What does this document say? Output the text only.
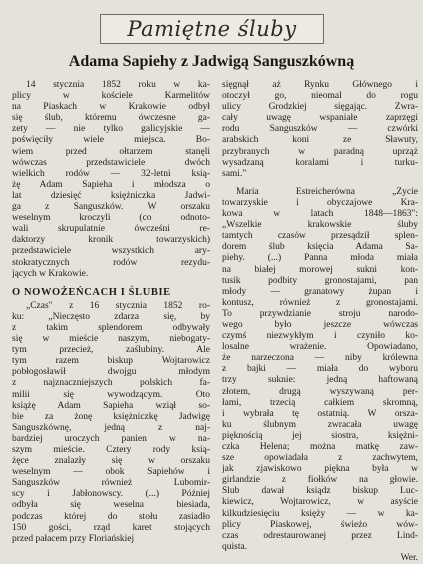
Pamiętne śluby
Adama Sapiehy z Jadwigą Sanguszkówną
14 stycznia 1852 roku w ka-
plicy w kościele Karmelitów
na Piaskach w Krakowie odbył
się ślub, któremu ówczesne ga-
zety — nie tylko galicyjskie —
poświęciły wiele miejsca. Bo-
wiem przed ołtarzem stanęli
wówczas przedstawiciele dwóch
wielkich rodów — 32-letni ksią-
żę Adam Sapieha i młodsza o
lat dziesięć księżniczka Jadwi-
ga z Sanguszków. W orszaku
weselnym kroczyli (co odnoto-
wali skrupulatnie ówcześni re-
daktorzy kronik towarzyskich)
przedstawiciele wszystkich ary-
stokratycznych rodów rezydu-
jących w Krakowie.

O NOWOŻEŃCACH I ŚLUBIE

„Czas" z 16 stycznia 1852 ro-
ku: „Nieczęsto zdarza się, by
z takim splendorem odbywały
się w mieście naszym, niebogaty-
tym przecież, zaślubiny. Ale
tym razem biskup Wojtarowicz
pobłogosławił dwojgu młodym
z najznaczniejszych polskich fa-
milii się wywodzącym. Oto
książę Adam Sapieha wziął so-
bie za żonę księżniczkę Jadwigę
Sanguszkównę, jedną z naj-
bardziej uroczych panien w na-
szym mieście. Cztery rody ksią-
żęce znalazły się w orszaku
weselnym — obok Sapiehów i
Sanguszków również Lubomir-
scy i Jabłonowscy. (...) Później
odbyła się weselna biesiada,
podczas której do stołu zasiadło
150 gości, rząd karet stojących
przed pałacem przy Floriańskiej
sięgnął aż Rynku Głównego i
otoczył go, nieomal do rogu
ulicy Grodzkiej sięgając. Zwra-
cały uwagę wspaniałe zaprzęgi
rodu Sanguszków — czwórki
arabskich koni ze Sławuty,
przybranych w paradną uprząż
wysadzaną koralami i turku-
sami."
Maria Estreicherówna „Życie
towarzyskie i obyczajowe Kra-
kowa w latach 1848—1863":
„Wszelkie krakowskie śluby
tamtych czasów przesądził splen-
dorem ślub księcia Adama Sa-
piehy. (...) Panna młoda miała
na białej morowej sukni kon-
tusik podbity gronostajami, pan
młody — granatowy żupan i
kontusz, również z gronostajami.
To przywdzianie stroju narodo-
wego było jeszcze wówczas
czymś niezwykłym i czyniło ko-
losalne wrażenie. Opowiadano,
że narzeczona — niby królewna
z bajki — miała do wyboru
trzy suknie: jedną haftowaną
złotem, drugą wyszywaną per-
łami, trzecią całkiem skromną,
i wybrała tę ostatnią. W orsza-
ku ślubnym zwracała uwagę
pięknością jej siostra, księżni-
czka Helena; można matkę zaw-
sze opowiadała z zachwytem,
jak zjawiskowo piękna była w
girlandzie z fiołków na głowie.
Ślub dawał ksiądz biskup Luc-
kiewicz, Wojtarowicz, w asyście
kilkudziesięciu księży — w ka-
plicy Piaskowej, świeżo wów-
czas odrestaurowanej przez Lind-
quista.
Wer.
